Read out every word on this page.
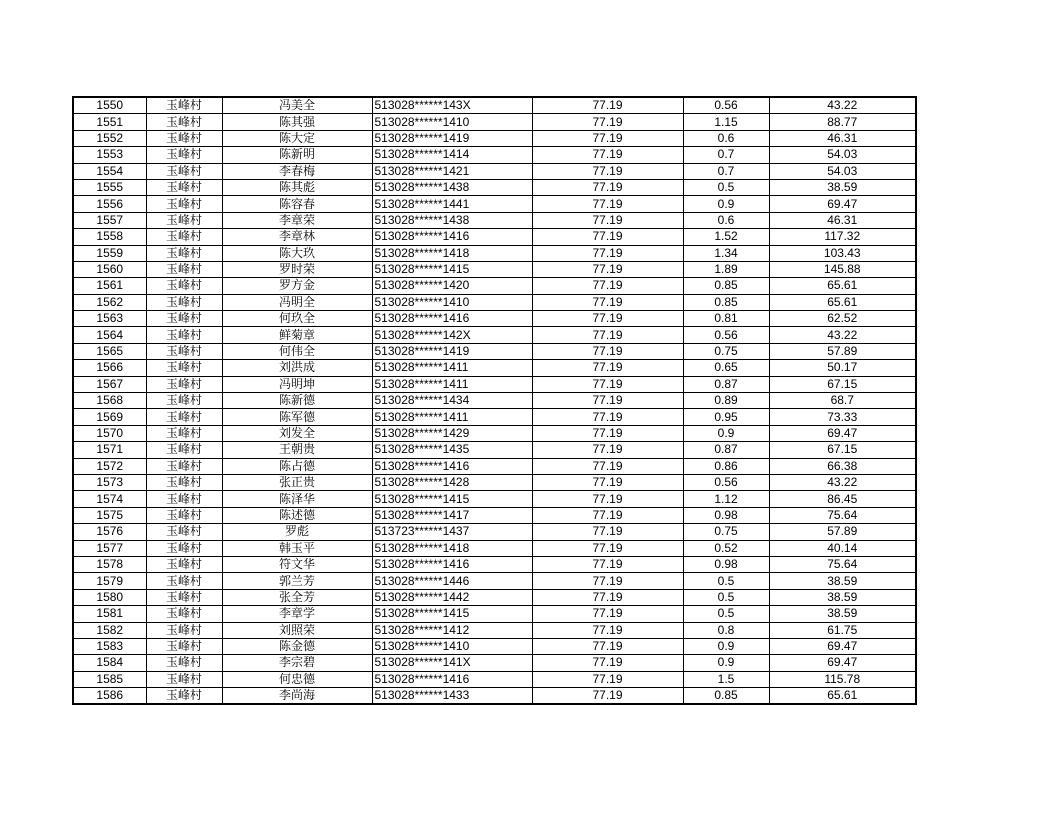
1550	玉峰村	冯美全	513028******143X	77.19	0.56	43.22
1551	玉峰村	陈其强	513028******1410	77.19	1.15	88.77
1552	玉峰村	陈大定	513028******1419	77.19	0.6	46.31
1553	玉峰村	陈新明	513028******1414	77.19	0.7	54.03
1554	玉峰村	李春梅	513028******1421	77.19	0.7	54.03
1555	玉峰村	陈其彪	513028******1438	77.19	0.5	38.59
1556	玉峰村	陈容春	513028******1441	77.19	0.9	69.47
1557	玉峰村	李章荣	513028******1438	77.19	0.6	46.31
1558	玉峰村	李章林	513028******1416	77.19	1.52	117.32
1559	玉峰村	陈大玖	513028******1418	77.19	1.34	103.43
1560	玉峰村	罗时荣	513028******1415	77.19	1.89	145.88
1561	玉峰村	罗方金	513028******1420	77.19	0.85	65.61
1562	玉峰村	冯明全	513028******1410	77.19	0.85	65.61
1563	玉峰村	何玖全	513028******1416	77.19	0.81	62.52
1564	玉峰村	鲜菊章	513028******142X	77.19	0.56	43.22
1565	玉峰村	何伟全	513028******1419	77.19	0.75	57.89
1566	玉峰村	刘洪成	513028******1411	77.19	0.65	50.17
1567	玉峰村	冯明坤	513028******1411	77.19	0.87	67.15
1568	玉峰村	陈新德	513028******1434	77.19	0.89	68.7
1569	玉峰村	陈军德	513028******1411	77.19	0.95	73.33
1570	玉峰村	刘发全	513028******1429	77.19	0.9	69.47
1571	玉峰村	王朝贵	513028******1435	77.19	0.87	67.15
1572	玉峰村	陈占德	513028******1416	77.19	0.86	66.38
1573	玉峰村	张正贵	513028******1428	77.19	0.56	43.22
1574	玉峰村	陈泽华	513028******1415	77.19	1.12	86.45
1575	玉峰村	陈述德	513028******1417	77.19	0.98	75.64
1576	玉峰村	罗彪	513723******1437	77.19	0.75	57.89
1577	玉峰村	韩玉平	513028******1418	77.19	0.52	40.14
1578	玉峰村	符文华	513028******1416	77.19	0.98	75.64
1579	玉峰村	郭兰芳	513028******1446	77.19	0.5	38.59
1580	玉峰村	张全芳	513028******1442	77.19	0.5	38.59
1581	玉峰村	李章学	513028******1415	77.19	0.5	38.59
1582	玉峰村	刘照荣	513028******1412	77.19	0.8	61.75
1583	玉峰村	陈金德	513028******1410	77.19	0.9	69.47
1584	玉峰村	李宗碧	513028******141X	77.19	0.9	69.47
1585	玉峰村	何忠德	513028******1416	77.19	1.5	115.78
1586	玉峰村	李尚海	513028******1433	77.19	0.85	65.61
